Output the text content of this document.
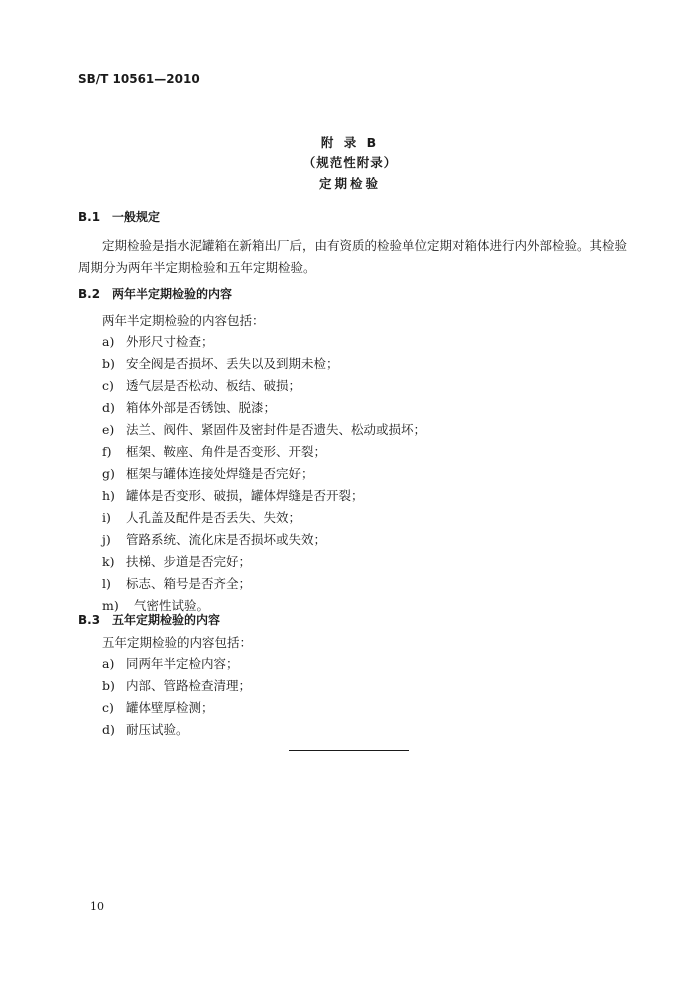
SB/T 10561—2010
附 录 B
（规范性附录）
定期检验
B.1　一般规定
定期检验是指水泥罐箱在新箱出厂后，由有资质的检验单位定期对箱体进行内外部检验。其检验
周期分为两年半定期检验和五年定期检验。
B.2　两年半定期检验的内容
两年半定期检验的内容包括：
a) 外形尺寸检查；
b) 安全阀是否损坏、丢失以及到期未检；
c) 透气层是否松动、板结、破损；
d) 箱体外部是否锈蚀、脱漆；
e) 法兰、阀件、紧固件及密封件是否遗失、松动或损坏；
f) 框架、鞍座、角件是否变形、开裂；
g) 框架与罐体连接处焊缝是否完好；
h) 罐体是否变形、破损，罐体焊缝是否开裂；
i) 人孔盖及配件是否丢失、失效；
j) 管路系统、流化床是否损坏或失效；
k) 扶梯、步道是否完好；
l) 标志、箱号是否齐全；
m) 气密性试验。
B.3　五年定期检验的内容
五年定期检验的内容包括：
a) 同两年半定检内容；
b) 内部、管路检查清理；
c) 罐体壁厚检测；
d) 耐压试验。
10
